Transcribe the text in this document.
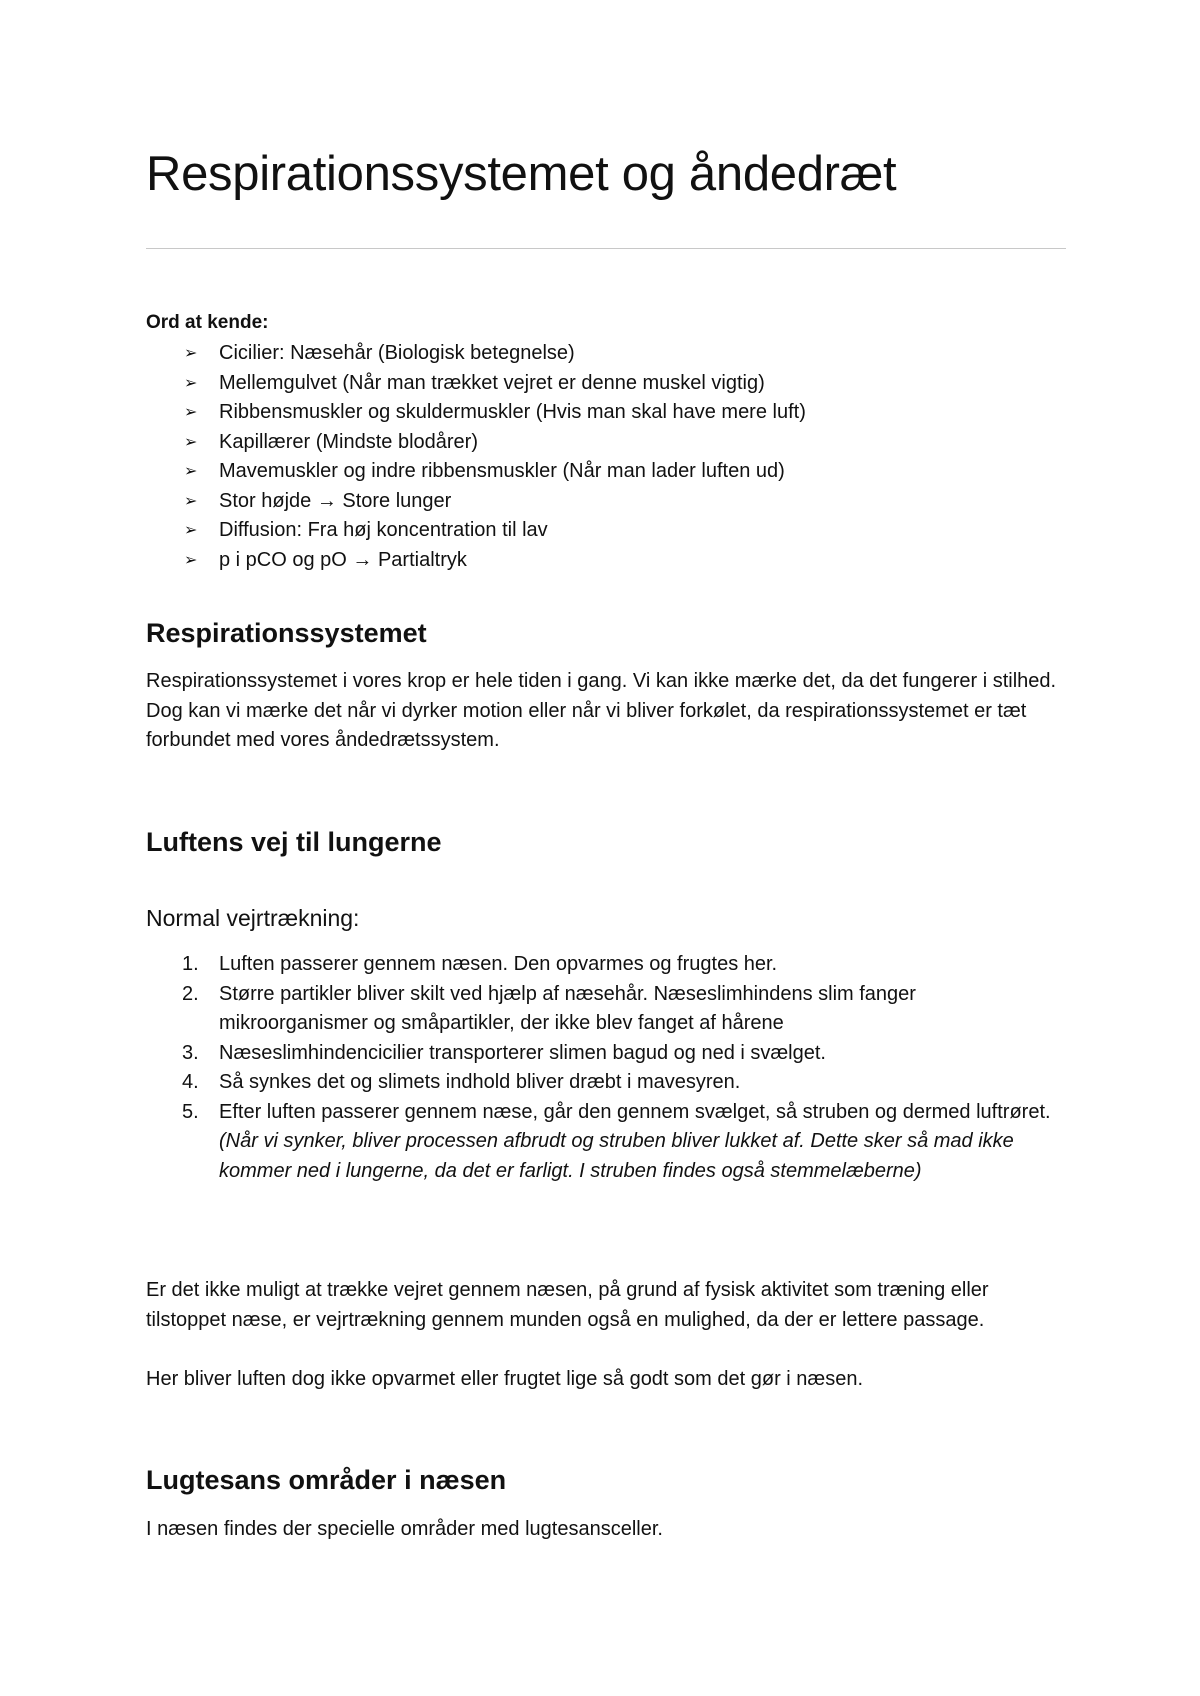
Respirationssystemet og åndedræt

Ord at kende:

➢ Cicilier: Næsehår (Biologisk betegnelse)
➢ Mellemgulvet (Når man trækket vejret er denne muskel vigtig)
➢ Ribbensmuskler og skuldermuskler (Hvis man skal have mere luft)
➢ Kapillærer (Mindste blodårer)
➢ Mavemuskler og indre ribbensmuskler (Når man lader luften ud)
➢ Stor højde → Store lunger
➢ Diffusion: Fra høj koncentration til lav
➢ p i pCO og pO → Partialtryk
Respirationssystemet

Respirationssystemet i vores krop er hele tiden i gang. Vi kan ikke mærke det, da det fungerer i stilhed. Dog kan vi mærke det når vi dyrker motion eller når vi bliver forkølet, da respirationssystemet er tæt forbundet med vores åndedrætssystem.

Luftens vej til lungerne
Normal vejrtrækning:
1. Luften passerer gennem næsen. Den opvarmes og frugtes her.
2. Større partikler bliver skilt ved hjælp af næsehår. Næseslimhindens slim fanger mikroorganismer og småpartikler, der ikke blev fanget af hårene
3. Næseslimhindencicilier transporterer slimen bagud og ned i svælget.
4. Så synkes det og slimets indhold bliver dræbt i mavesyren.
5. Efter luften passerer gennem næse, går den gennem svælget, så struben og dermed luftrøret.
(Når vi synker, bliver processen afbrudt og struben bliver lukket af. Dette sker så mad ikke kommer ned i lungerne, da det er farligt. I struben findes også stemmelæberne)

Er det ikke muligt at trække vejret gennem næsen, på grund af fysisk aktivitet som træning eller tilstoppet næse, er vejrtrækning gennem munden også en mulighed, da der er lettere passage.

Her bliver luften dog ikke opvarmet eller frugtet lige så godt som det gør i næsen.

Lugtesans områder i næsen

I næsen findes der specielle områder med lugtesansceller.
